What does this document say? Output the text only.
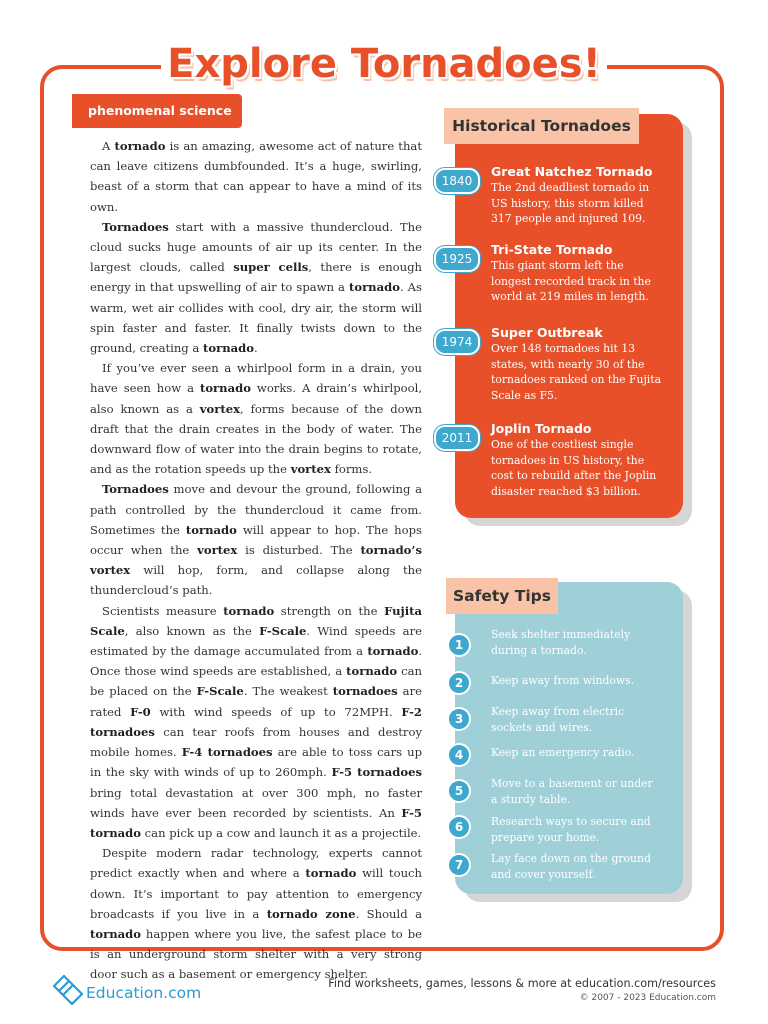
Explore Tornadoes!
phenomenal science

A tornado is an amazing, awesome act of nature that can leave citizens dumbfounded. It’s a huge, swirling, beast of a storm that can appear to have a mind of its own.

Tornadoes start with a massive thundercloud. The cloud sucks huge amounts of air up its center. In the largest clouds, called super cells, there is enough energy in that upswelling of air to spawn a tornado. As warm, wet air collides with cool, dry air, the storm will spin faster and faster. It finally twists down to the ground, creating a tornado.

If you’ve ever seen a whirlpool form in a drain, you have seen how a tornado works. A drain’s whirlpool, also known as a vortex, forms because of the down draft that the drain creates in the body of water. The downward flow of water into the drain begins to rotate, and as the rotation speeds up the vortex forms.

Tornadoes move and devour the ground, following a path controlled by the thundercloud it came from. Sometimes the tornado will appear to hop. The hops occur when the vortex is disturbed. The tornado’s vortex will hop, form, and collapse along the thundercloud’s path.

Scientists measure tornado strength on the Fujita Scale, also known as the F-Scale. Wind speeds are estimated by the damage accumulated from a tornado. Once those wind speeds are established, a tornado can be placed on the F-Scale. The weakest tornadoes are rated F-0 with wind speeds of up to 72MPH. F-2 tornadoes can tear roofs from houses and destroy mobile homes. F-4 tornadoes are able to toss cars up in the sky with winds of up to 260mph. F-5 tornadoes bring total devastation at over 300 mph, no faster winds have ever been recorded by scientists. An F-5 tornado can pick up a cow and launch it as a projectile.

Despite modern radar technology, experts cannot predict exactly when and where a tornado will touch down. It’s important to pay attention to emergency broadcasts if you live in a tornado zone. Should a tornado happen where you live, the safest place to be is an underground storm shelter with a very strong door such as a basement or emergency shelter.

Historical Tornadoes
1840
Great Natchez Tornado
The 2nd deadliest tornado in US history, this storm killed 317 people and injured 109.
1925
Tri-State Tornado
This giant storm left the longest recorded track in the world at 219 miles in length.
1974
Super Outbreak
Over 148 tornadoes hit 13 states, with nearly 30 of the tornadoes ranked on the Fujita Scale as F5.
2011
Joplin Tornado
One of the costliest single tornadoes in US history, the cost to rebuild after the Joplin disaster reached $3 billion.
Safety Tips
1
Seek shelter immediately during a tornado.
2	Keep away from windows.
3
Keep away from electric sockets and wires.
4	Keep an emergency radio.
5
Move to a basement or under a sturdy table.
6	Research ways to secure and prepare your home.
7	Lay face down on the ground and cover yourself.
Education.com
Find worksheets, games, lessons & more at education.com/resources
© 2007 - 2023 Education.com
